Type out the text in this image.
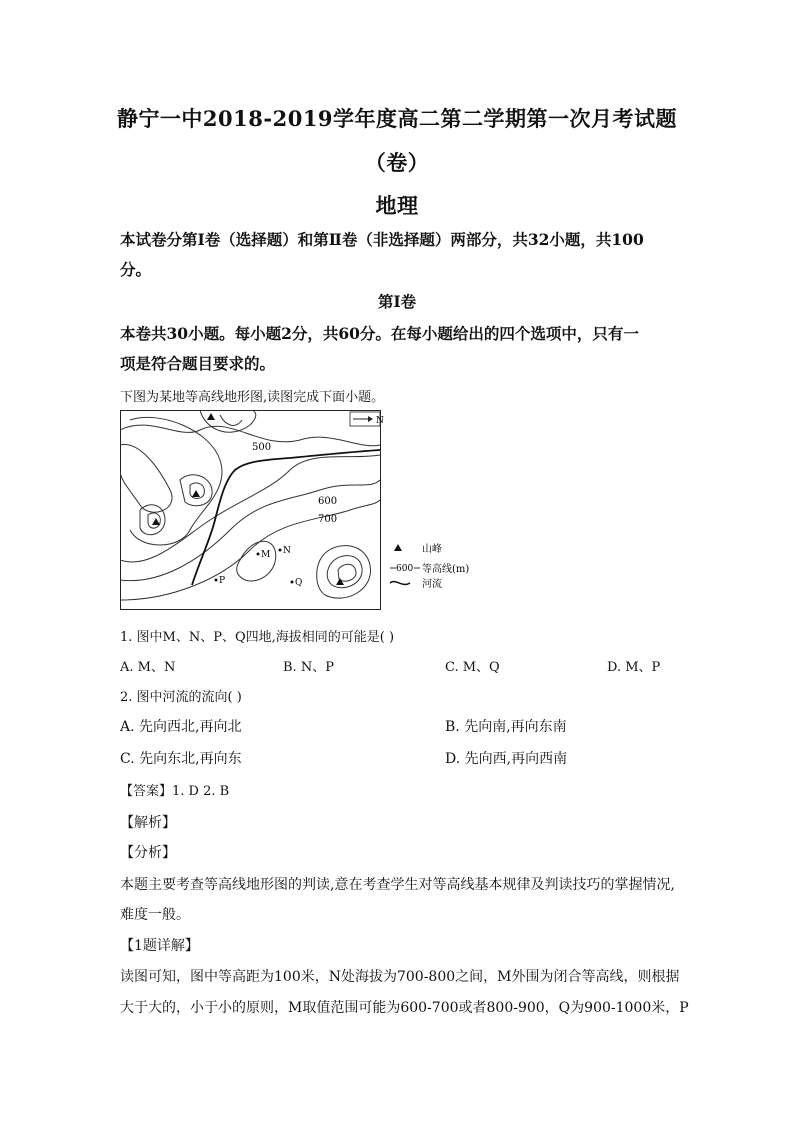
静宁一中2018-2019学年度高二第二学期第一次月考试题
（卷）
地理
本试卷分第Ⅰ卷（选择题）和第Ⅱ卷（非选择题）两部分，共32小题，共100
分。
第Ⅰ卷
本卷共30小题。每小题2分，共60分。在每小题给出的四个选项中，只有一
项是符合题目要求的。
下图为某地等高线地形图,读图完成下面小题。
N
500
600
700
M N
P	Q
山峰
600 等高线(m)
河流
1. 图中M、N、P、Q四地,海拔相同的可能是( )
A. M、N	B. N、P	C. M、Q	D. M、P
2. 图中河流的流向( )
A. 先向西北,再向北	B. 先向南,再向东南
C. 先向东北,再向东	D. 先向西,再向西南
【答案】1. D 2. B
【解析】
【分析】
本题主要考查等高线地形图的判读,意在考查学生对等高线基本规律及判读技巧的掌握情况,
难度一般。
【1题详解】
读图可知，图中等高距为100米，N处海拔为700-800之间，M外围为闭合等高线，则根据
大于大的，小于小的原则，M取值范围可能为600-700或者800-900，Q为900-1000米，P
